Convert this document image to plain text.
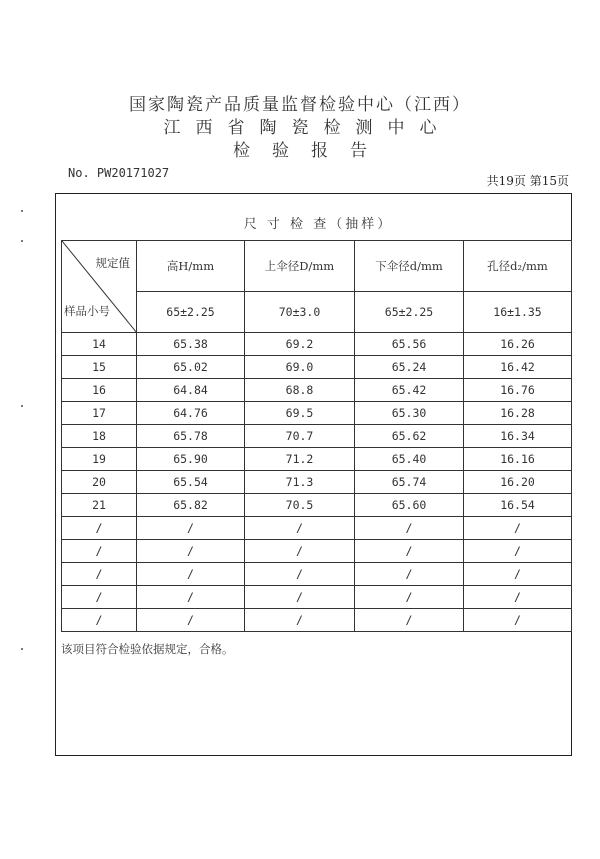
国家陶瓷产品质量监督检验中心（江西）
江西省陶瓷检测中心
检验报告
No. PW20171027
共19页 第15页
尺 寸 检 查（抽样）
规定值
样品小号	高H/mm	上伞径D/mm	下伞径d/mm	孔径d₂/mm
	65±2.25	70±3.0	65±2.25	16±1.35
14	65.38	69.2	65.56	16.26
15	65.02	69.0	65.24	16.42
16	64.84	68.8	65.42	16.76
17	64.76	69.5	65.30	16.28
18	65.78	70.7	65.62	16.34
19	65.90	71.2	65.40	16.16
20	65.54	71.3	65.74	16.20
21	65.82	70.5	65.60	16.54
/	/	/	/	/
/	/	/	/	/
/	/	/	/	/
/	/	/	/	/
/	/	/	/	/
该项目符合检验依据规定，合格。
